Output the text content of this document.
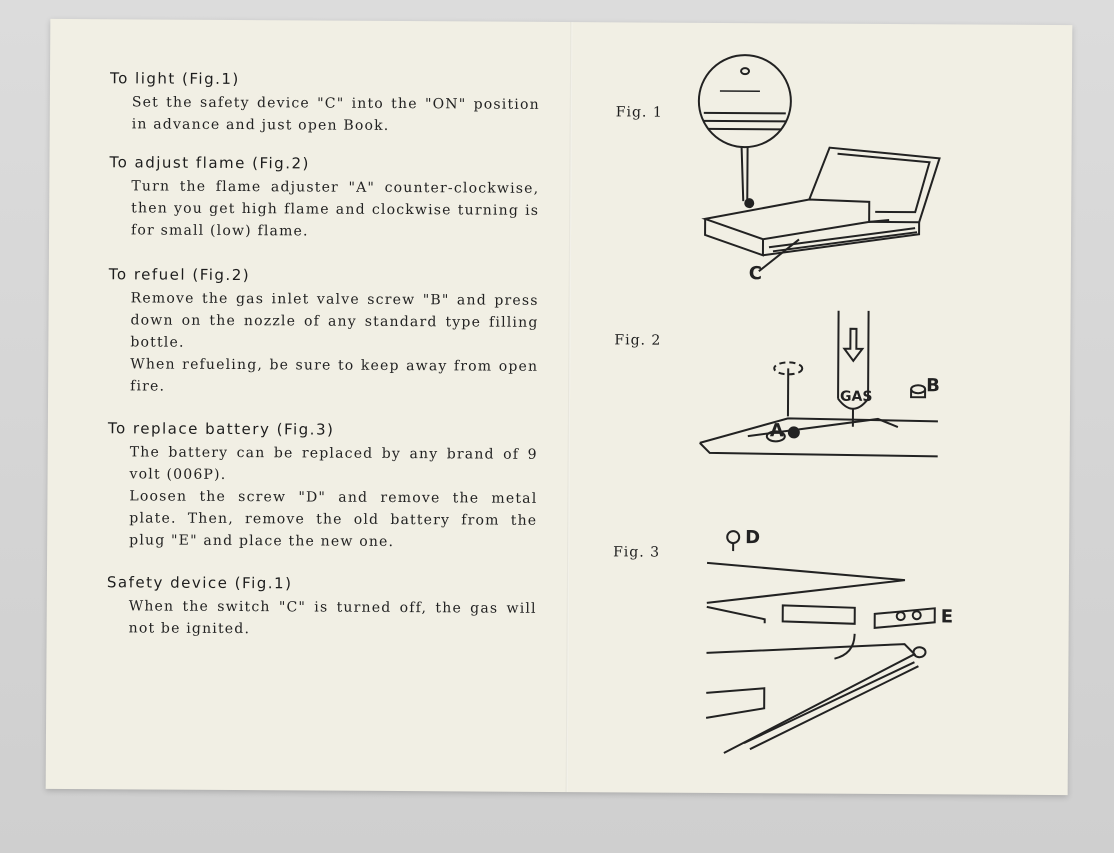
To light (Fig.1)
Set the safety device "C" into the "ON" position in advance and just open Book.
To adjust flame (Fig.2)
Turn the flame adjuster "A" counter-clockwise, then you get high flame and clockwise turning is for small (low) flame.
To refuel (Fig.2)
Remove the gas inlet valve screw "B" and press down on the nozzle of any standard type filling bottle.
When refueling, be sure to keep away from open fire.
To replace battery (Fig.3)
The battery can be replaced by any brand of 9 volt (006P).
Loosen the screw "D" and remove the metal plate. Then, remove the old battery from the plug "E" and place the new one.
Safety device (Fig.1)
When the switch "C" is turned off, the gas will not be ignited.
Fig. 1
C
Fig. 2
GAS
A
B
Fig. 3
D
E
